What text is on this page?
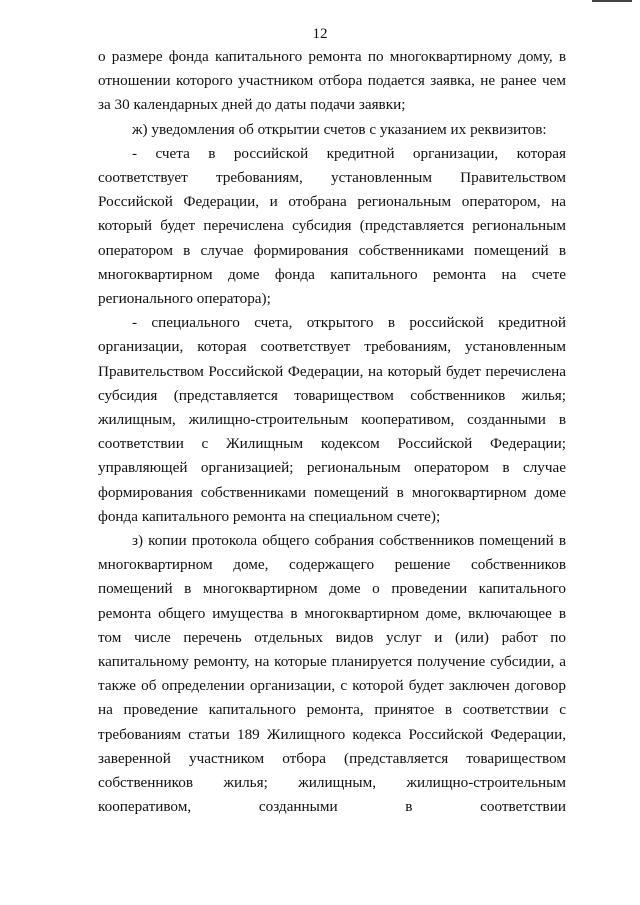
12

о размере фонда капитального ремонта по многоквартирному дому, в отношении которого участником отбора подается заявка, не ранее чем за 30 календарных дней до даты подачи заявки;

ж) уведомления об открытии счетов с указанием их реквизитов:

- счета в российской кредитной организации, которая соответствует требованиям, установленным Правительством Российской Федерации, и отобрана региональным оператором, на который будет перечислена субсидия (представляется региональным оператором в случае формирования собственниками помещений в многоквартирном доме фонда капитального ремонта на счете регионального оператора);

- специального счета, открытого в российской кредитной организации, которая соответствует требованиям, установленным Правительством Российской Федерации, на который будет перечислена субсидия (представляется товариществом собственников жилья; жилищным, жилищно-строительным кооперативом, созданными в соответствии с Жилищным кодексом Российской Федерации; управляющей организацией; региональным оператором в случае формирования собственниками помещений в многоквартирном доме фонда капитального ремонта на специальном счете);

з) копии протокола общего собрания собственников помещений в многоквартирном доме, содержащего решение собственников помещений в многоквартирном доме о проведении капитального ремонта общего имущества в многоквартирном доме, включающее в том числе перечень отдельных видов услуг и (или) работ по капитальному ремонту, на которые планируется получение субсидии, а также об определении организации, с которой будет заключен договор на проведение капитального ремонта, принятое в соответствии с требованиям статьи 189 Жилищного кодекса Российской Федерации, заверенной участником отбора (представляется товариществом собственников жилья; жилищным, жилищно-строительным кооперативом, созданными в соответствии
